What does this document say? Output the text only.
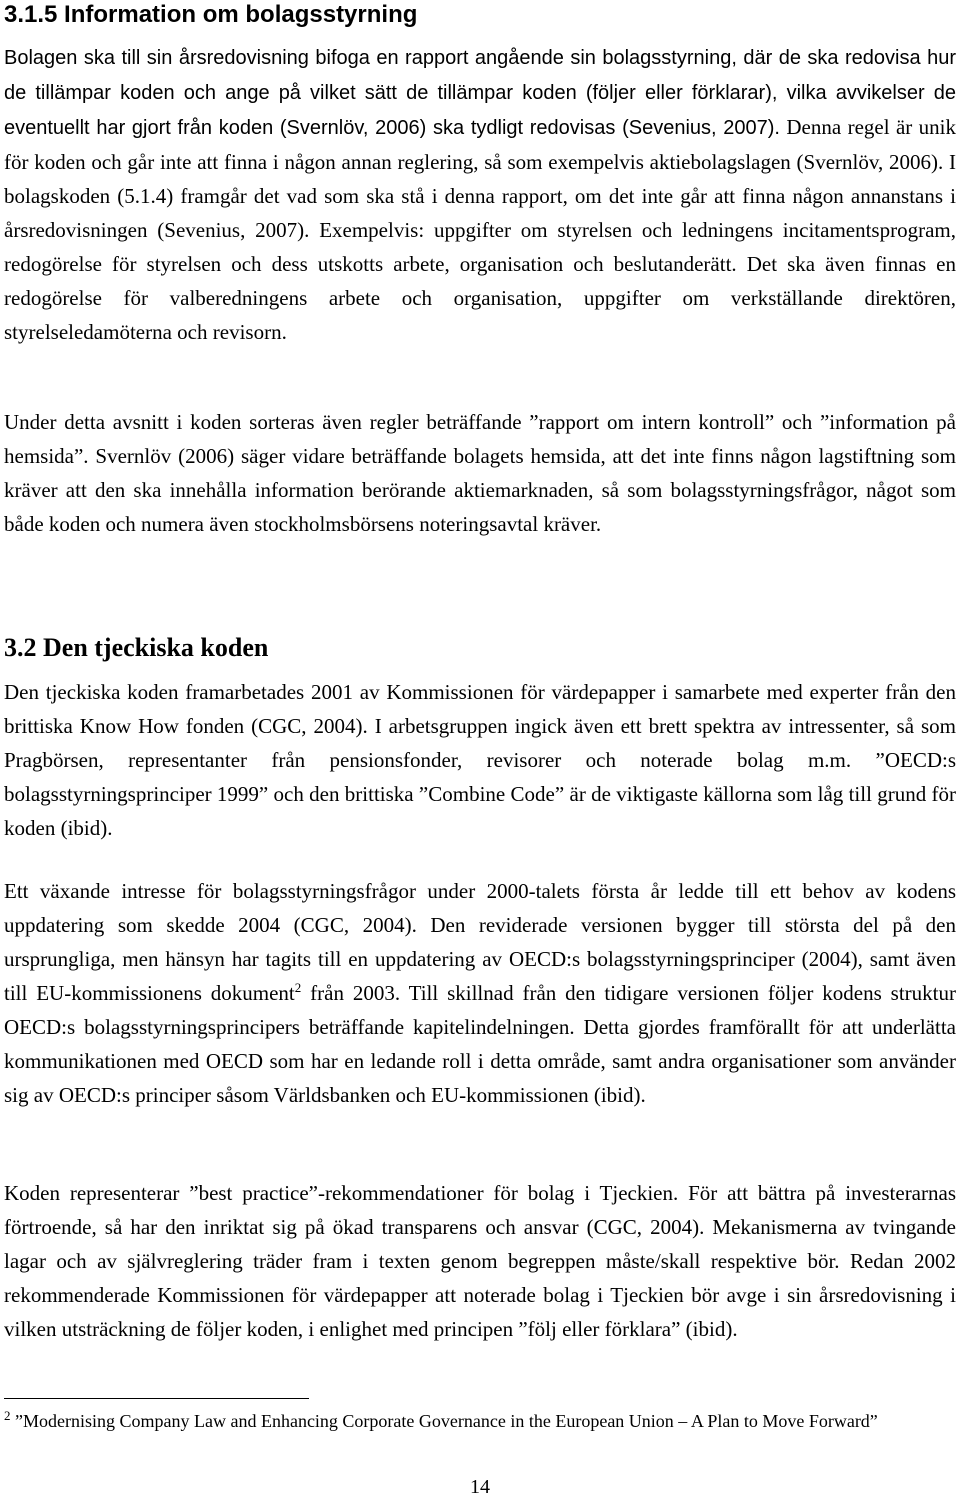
3.1.5 Information om bolagsstyrning

Bolagen ska till sin årsredovisning bifoga en rapport angående sin bolagsstyrning, där de ska redovisa hur de tillämpar koden och ange på vilket sätt de tillämpar koden (följer eller förklarar), vilka avvikelser de eventuellt har gjort från koden (Svernlöv, 2006) ska tydligt redovisas (Sevenius, 2007). Denna regel är unik för koden och går inte att finna i någon annan reglering, så som exempelvis aktiebolagslagen (Svernlöv, 2006). I bolagskoden (5.1.4) framgår det vad som ska stå i denna rapport, om det inte går att finna någon annanstans i årsredovisningen (Sevenius, 2007). Exempelvis: uppgifter om styrelsen och ledningens incitamentsprogram, redogörelse för styrelsen och dess utskotts arbete, organisation och beslutanderätt. Det ska även finnas en redogörelse för valberedningens arbete och organisation, uppgifter om verkställande direktören, styrelseledamöterna och revisorn.

Under detta avsnitt i koden sorteras även regler beträffande ”rapport om intern kontroll” och ”information på hemsida”. Svernlöv (2006) säger vidare beträffande bolagets hemsida, att det inte finns någon lagstiftning som kräver att den ska innehålla information berörande aktiemarknaden, så som bolagsstyrningsfrågor, något som både koden och numera även stockholmsbörsens noteringsavtal kräver.

3.2 Den tjeckiska koden

Den tjeckiska koden framarbetades 2001 av Kommissionen för värdepapper i samarbete med experter från den brittiska Know How fonden (CGC, 2004). I arbetsgruppen ingick även ett brett spektra av intressenter, så som Pragbörsen, representanter från pensionsfonder, revisorer och noterade bolag m.m. ”OECD:s bolagsstyrningsprinciper 1999” och den brittiska ”Combine Code” är de viktigaste källorna som låg till grund för koden (ibid).

Ett växande intresse för bolagsstyrningsfrågor under 2000-talets första år ledde till ett behov av kodens uppdatering som skedde 2004 (CGC, 2004). Den reviderade versionen bygger till största del på den ursprungliga, men hänsyn har tagits till en uppdatering av OECD:s bolagsstyrningsprinciper (2004), samt även till EU-kommissionens dokument$^2$ från 2003. Till skillnad från den tidigare versionen följer kodens struktur OECD:s bolagsstyrningsprincipers beträffande kapitelindelningen. Detta gjordes framförallt för att underlätta kommunikationen med OECD som har en ledande roll i detta område, samt andra organisationer som använder sig av OECD:s principer såsom Världsbanken och EU-kommissionen (ibid).

Koden representerar ”best practice”-rekommendationer för bolag i Tjeckien. För att bättra på investerarnas förtroende, så har den inriktat sig på ökad transparens och ansvar (CGC, 2004). Mekanismerna av tvingande lagar och av självreglering träder fram i texten genom begreppen måste/skall respektive bör. Redan 2002 rekommenderade Kommissionen för värdepapper att noterade bolag i Tjeckien bör avge i sin årsredovisning i vilken utsträckning de följer koden, i enlighet med principen ”följ eller förklara” (ibid).

$^2$ ”Modernising Company Law and Enhancing Corporate Governance in the European Union – A Plan to Move Forward”

14
